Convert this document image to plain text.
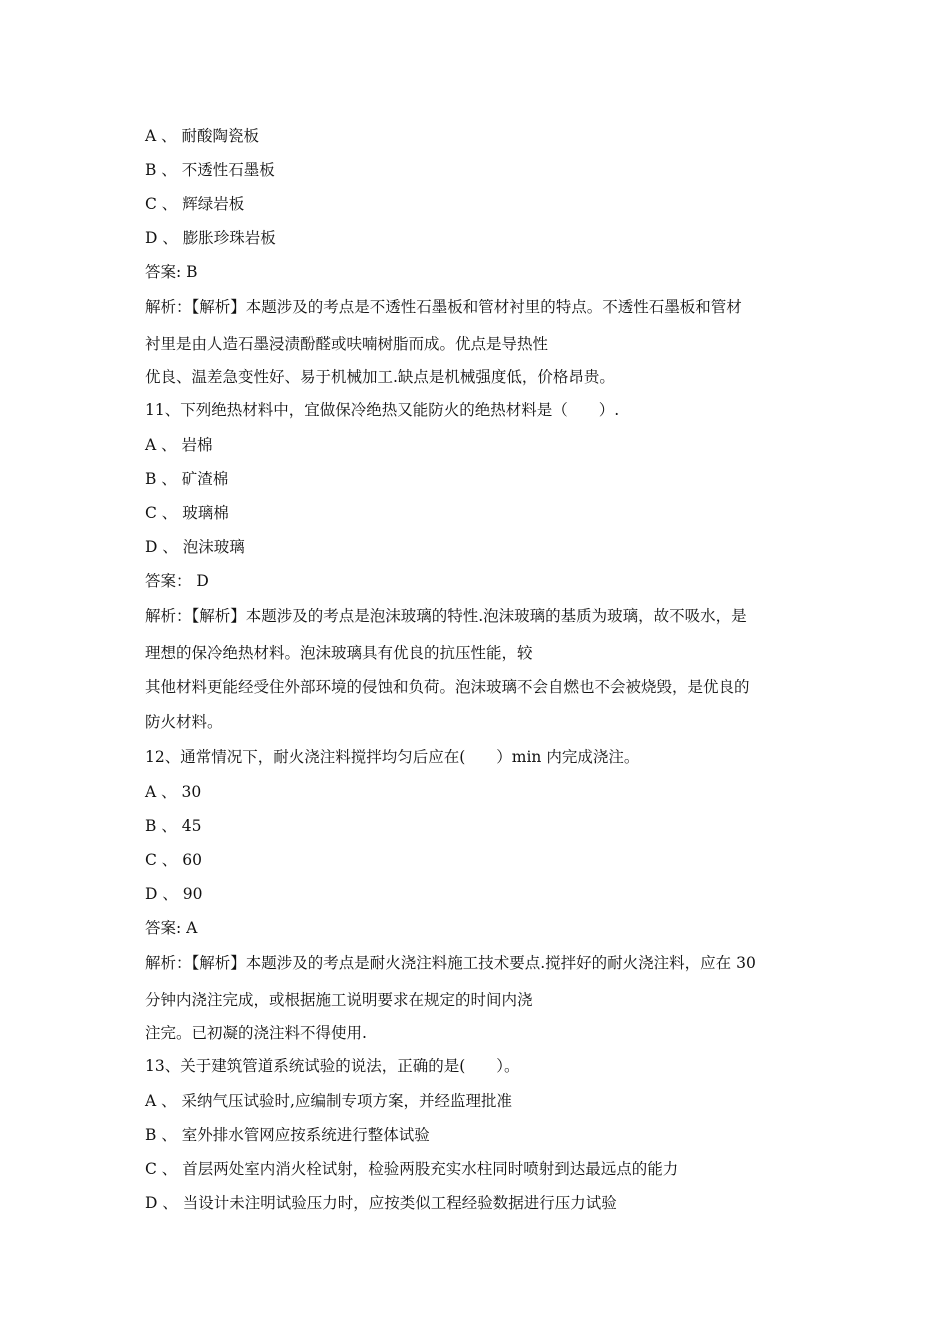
A 、 耐酸陶瓷板
B 、 不透性石墨板
C 、 辉绿岩板
D 、 膨胀珍珠岩板
答案: B
解析：【解析】本题涉及的考点是不透性石墨板和管材衬里的特点。不透性石墨板和管材
衬里是由人造石墨浸渍酚醛或呋喃树脂而成。优点是导热性
优良、温差急变性好、易于机械加工.缺点是机械强度低，价格昂贵。
11、下列绝热材料中，宜做保冷绝热又能防火的绝热材料是（　　）.
A 、 岩棉
B 、 矿渣棉
C 、 玻璃棉
D 、 泡沫玻璃
答案： D
解析：【解析】本题涉及的考点是泡沫玻璃的特性.泡沫玻璃的基质为玻璃，故不吸水，是
理想的保冷绝热材料。泡沫玻璃具有优良的抗压性能，较
其他材料更能经受住外部环境的侵蚀和负荷。泡沫玻璃不会自燃也不会被烧毁，是优良的
防火材料。
12、通常情况下，耐火浇注料搅拌均匀后应在(　　）min 内完成浇注。
A 、 30
B 、 45
C 、 60
D 、 90
答案: A
解析：【解析】本题涉及的考点是耐火浇注料施工技术要点.搅拌好的耐火浇注料，应在 30
分钟内浇注完成，或根据施工说明要求在规定的时间内浇
注完。已初凝的浇注料不得使用.
13、关于建筑管道系统试验的说法，正确的是(　　）。
A 、 采纳气压试验时,应编制专项方案，并经监理批准
B 、 室外排水管网应按系统进行整体试验
C 、 首层两处室内消火栓试射，检验两股充实水柱同时喷射到达最远点的能力
D 、 当设计未注明试验压力时，应按类似工程经验数据进行压力试验
